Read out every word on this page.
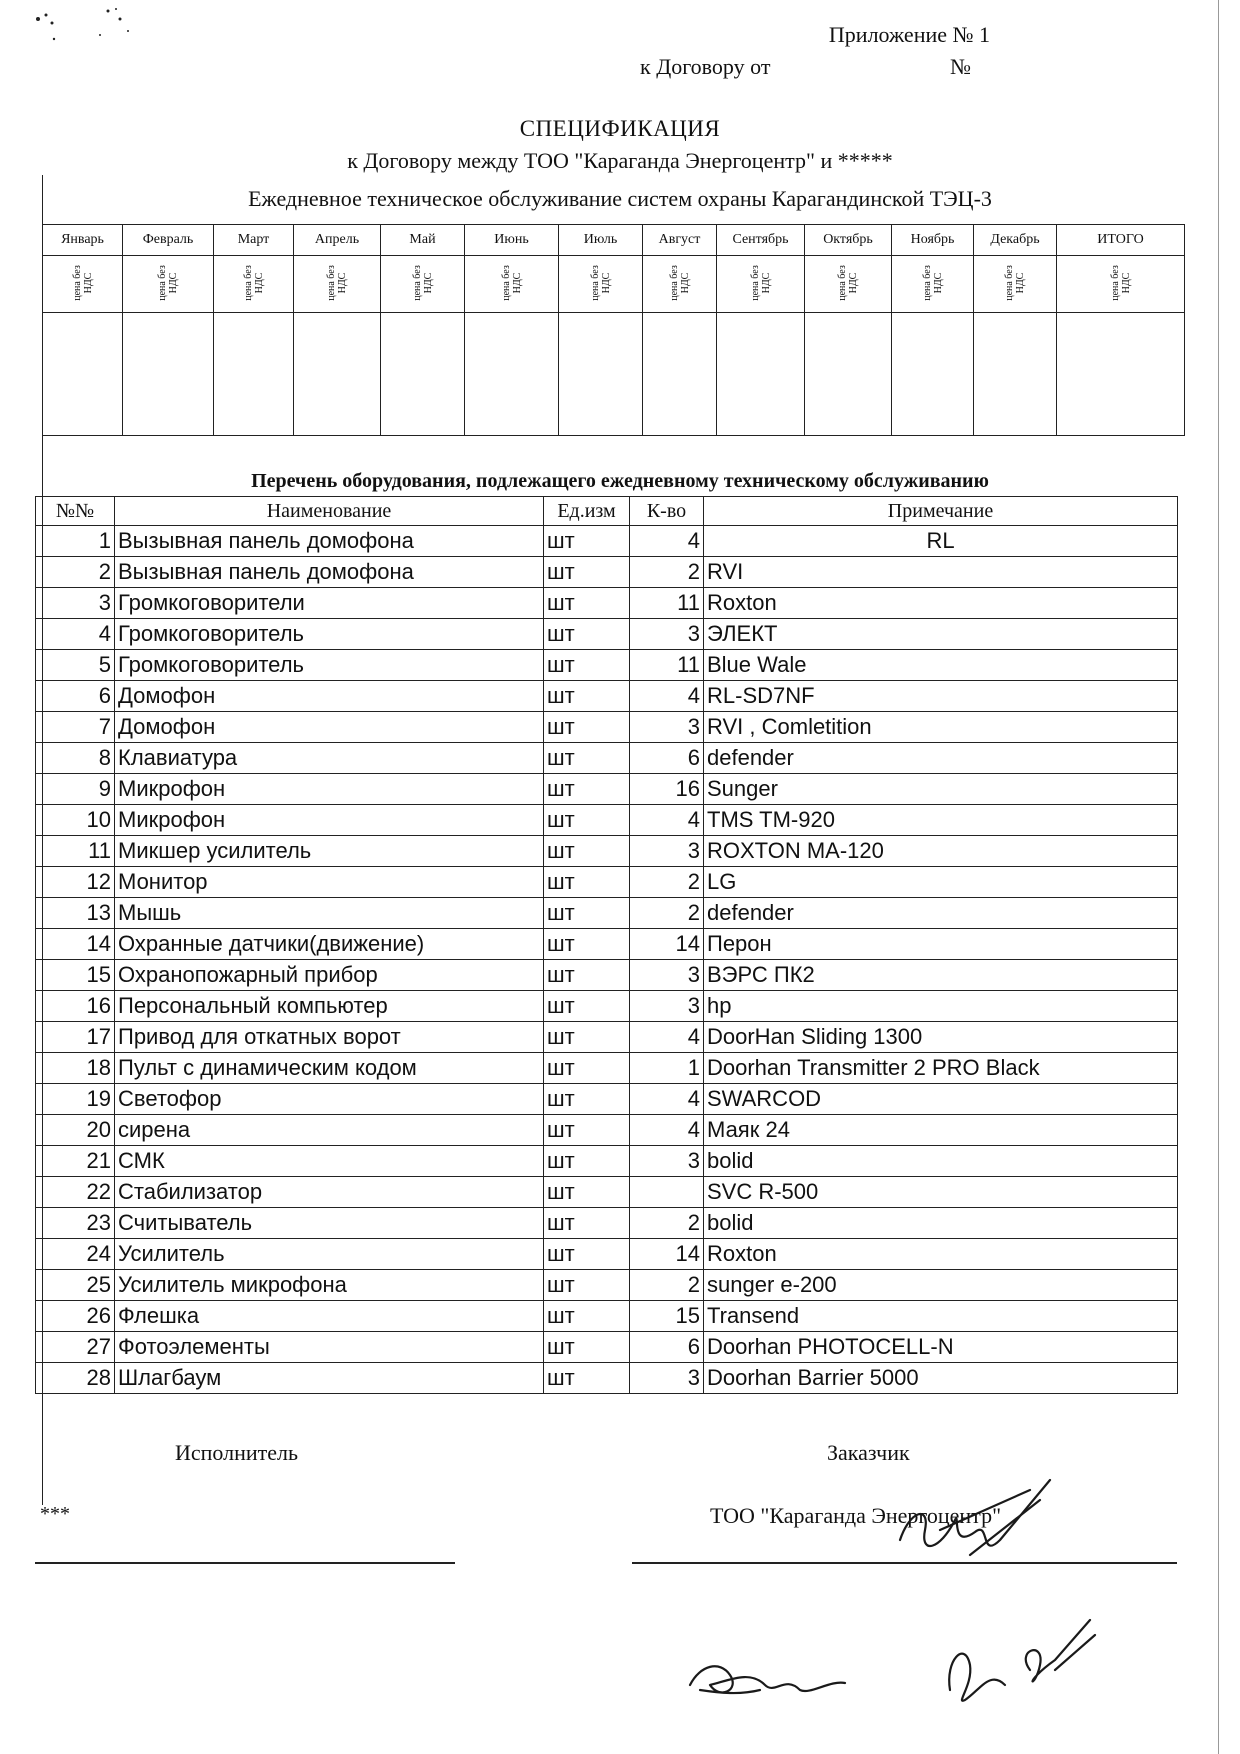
Приложение № 1
к Договору от	№
СПЕЦИФИКАЦИЯ
к Договору между ТОО "Караганда Энергоцентр" и *****
Ежедневное техническое обслуживание систем охраны Карагандинской ТЭЦ-3
Январь	Февраль	Март	Апрель	Май	Июнь	Июль	Август	Сентябрь	Октябрь	Ноябрь	Декабрь	ИТОГО
цена без НДС	цена без НДС	цена без НДС	цена без НДС	цена без НДС	цена без НДС	цена без НДС	цена без НДС	цена без НДС	цена без НДС	цена без НДС	цена без НДС	цена без НДС

Перечень оборудования, подлежащего ежедневному техническому обслуживанию
№№	Наименование	Ед.изм	К-во	Примечание
1	Вызывная панель домофона	шт	4	RL
2	Вызывная панель домофона	шт	2	RVI
3	Громкоговорители	шт	11	Roxton
4	Громкоговоритель	шт	3	ЭЛЕКТ
5	Громкоговоритель	шт	11	Blue Wale
6	Домофон	шт	4	RL-SD7NF
7	Домофон	шт	3	RVI , Comletition
8	Клавиатура	шт	6	defender
9	Микрофон	шт	16	Sunger
10	Микрофон	шт	4	TMS TM-920
11	Микшер усилитель	шт	3	ROXTON MA-120
12	Монитор	шт	2	LG
13	Мышь	шт	2	defender
14	Охранные датчики(движение)	шт	14	Перон
15	Охранопожарный прибор	шт	3	ВЭРС ПК2
16	Персональный компьютер	шт	3	hp
17	Привод для откатных ворот	шт	4	DoorHan Sliding 1300
18	Пульт с динамическим кодом	шт	1	Doorhan Transmitter 2 PRO Black
19	Светофор	шт	4	SWARCOD
20	сирена	шт	4	Маяк 24
21	СМК	шт	3	bolid
22	Стабилизатор	шт		SVC R-500
23	Считыватель	шт	2	bolid
24	Усилитель	шт	14	Roxton
25	Усилитель микрофона	шт	2	sunger e-200
26	Флешка	шт	15	Transend
27	Фотоэлементы	шт	6	Doorhan PHOTOCELL-N
28	Шлагбаум	шт	3	Doorhan Barrier 5000
Исполнитель	Заказчик
***	ТОО "Караганда Энергоцентр"
